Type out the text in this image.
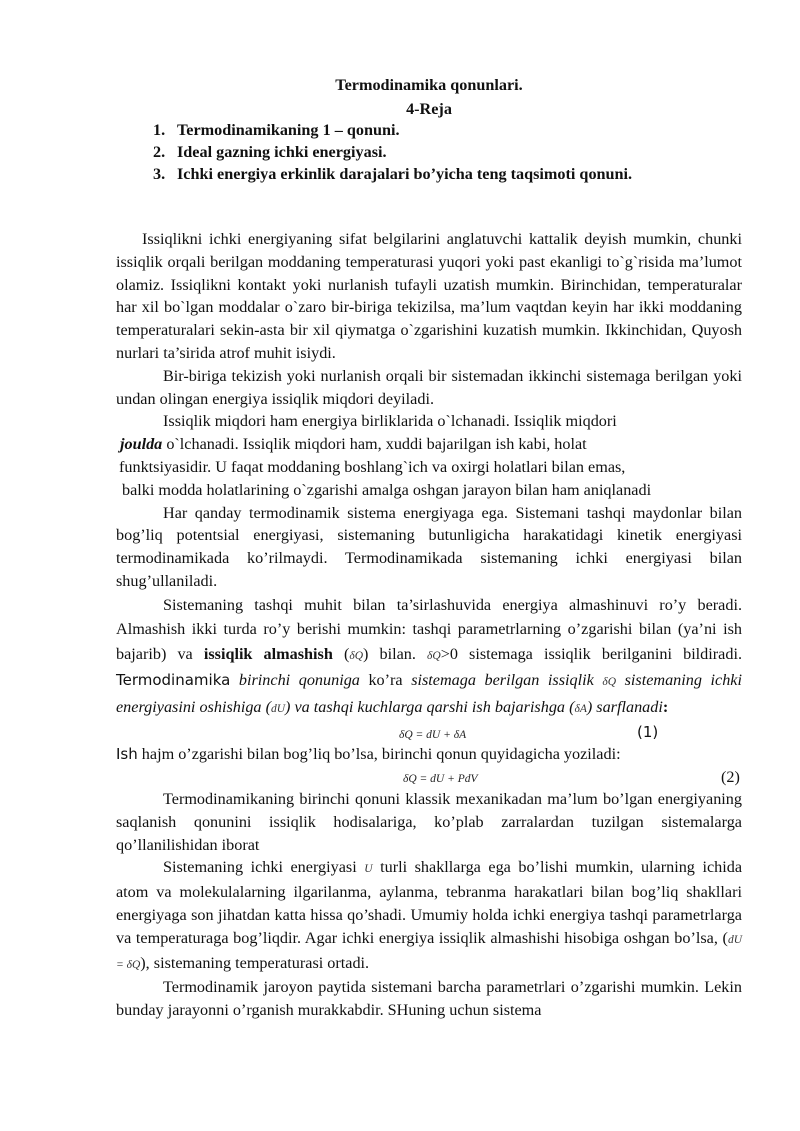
Termodinamika qonunlari.
4-Reja
1. Termodinamikaning 1 – qonuni.
2. Ideal gazning ichki energiyasi.
3. Ichki energiya erkinlik darajalari bo’yicha teng taqsimoti qonuni.

Issiqlikni ichki energiyaning sifat belgilarini anglatuvchi kattalik deyish mumkin, chunki issiqlik orqali berilgan moddaning temperaturasi yuqori yoki past ekanligi to`g`risida ma’lumot olamiz. Issiqlikni kontakt yoki nurlanish tufayli uzatish mumkin. Birinchidan, temperaturalar har xil bo`lgan moddalar o`zaro bir-biriga tekizilsa, ma’lum vaqtdan keyin har ikki moddaning temperaturalari sekin-asta bir xil qiymatga o`zgarishini kuzatish mumkin. Ikkinchidan, Quyosh nurlari ta’sirida atrof muhit isiydi.

Bir-biriga tekizish yoki nurlanish orqali bir sistemadan ikkinchi sistemaga berilgan yoki undan olingan energiya issiqlik miqdori deyiladi.

Issiqlik miqdori ham energiya birliklarida o`lchanadi. Issiqlik miqdori

joulda o`lchanadi. Issiqlik miqdori ham, xuddi bajarilgan ish kabi, holat

funktsiyasidir. U faqat moddaning boshlang`ich va oxirgi holatlari bilan emas,

balki modda holatlarining o`zgarishi amalga oshgan jarayon bilan ham aniqlanadi

Har qanday termodinamik sistema energiyaga ega. Sistemani tashqi maydonlar bilan bog’liq potentsial energiyasi, sistemaning butunligicha harakatidagi kinetik energiyasi termodinamikada ko’rilmaydi. Termodinamikada sistemaning ichki energiyasi bilan shug’ullaniladi.

Sistemaning tashqi muhit bilan ta’sirlashuvida energiya almashinuvi ro’y beradi. Almashish ikki turda ro’y berishi mumkin: tashqi parametrlarning o’zgarishi bilan (ya’ni ish bajarib) va issiqlik almashish (δQ) bilan. δQ>0 sistemaga issiqlik berilganini bildiradi. Termodinamika birinchi qonuniga ko’ra sistemaga berilgan issiqlik δQ sistemaning ichki energiyasini oshishiga (dU) va tashqi kuchlarga qarshi ish bajarishga (δA) sarflanadi:

δQ = dU + δA	(1)

Ish hajm o’zgarishi bilan bog’liq bo’lsa, birinchi qonun quyidagicha yoziladi:

δQ = dU + PdV	(2)

Termodinamikaning birinchi qonuni klassik mexanikadan ma’lum bo’lgan energiyaning saqlanish qonunini issiqlik hodisalariga, ko’plab zarralardan tuzilgan sistemalarga qo’llanilishidan iborat

Sistemaning ichki energiyasi U turli shakllarga ega bo’lishi mumkin, ularning ichida atom va molekulalarning ilgarilanma, aylanma, tebranma harakatlari bilan bog’liq shakllari energiyaga son jihatdan katta hissa qo’shadi. Umumiy holda ichki energiya tashqi parametrlarga va temperaturaga bog’liqdir. Agar ichki energiya issiqlik almashishi hisobiga oshgan bo’lsa, (dU = δQ), sistemaning temperaturasi ortadi.

Termodinamik jaroyon paytida sistemani barcha parametrlari o’zgarishi mumkin. Lekin bunday jarayonni o’rganish murakkabdir. SHuning uchun sistema
